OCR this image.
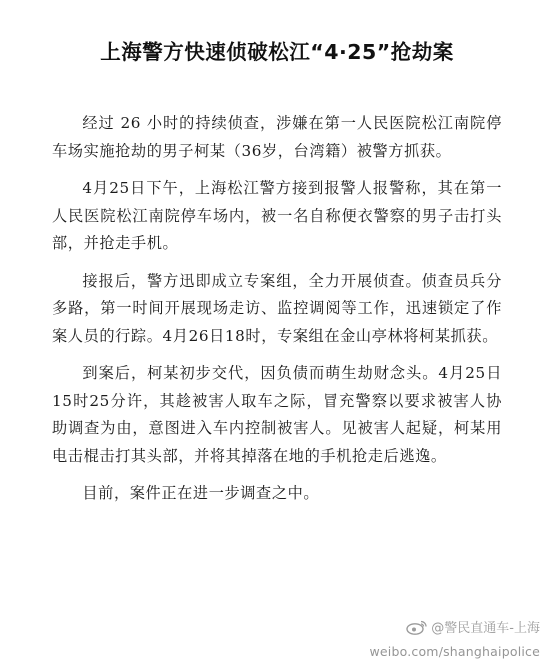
上海警方快速侦破松江“4·25”抢劫案

经过 26 小时的持续侦查，涉嫌在第一人民医院松江南院停车场实施抢劫的男子柯某（36岁，台湾籍）被警方抓获。

4月25日下午，上海松江警方接到报警人报警称，其在第一人民医院松江南院停车场内，被一名自称便衣警察的男子击打头部，并抢走手机。

接报后，警方迅即成立专案组，全力开展侦查。侦查员兵分多路，第一时间开展现场走访、监控调阅等工作，迅速锁定了作案人员的行踪。4月26日18时，专案组在金山亭林将柯某抓获。

到案后，柯某初步交代，因负债而萌生劫财念头。4月25日15时25分许，其趁被害人取车之际，冒充警察以要求被害人协助调查为由，意图进入车内控制被害人。见被害人起疑，柯某用电击棍击打其头部，并将其掉落在地的手机抢走后逃逸。

目前，案件正在进一步调查之中。

@警民直通车-上海
weibo.com/shanghaipolice
